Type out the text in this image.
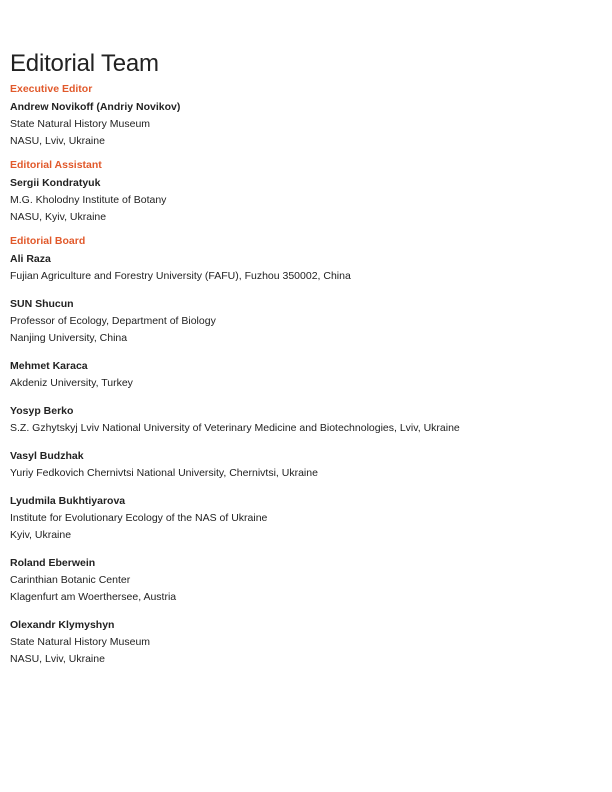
Editorial Team
Executive Editor
Andrew Novikoff (Andriy Novikov)
State Natural History Museum
NASU, Lviv, Ukraine
Editorial Assistant
Sergii Kondratyuk
M.G. Kholodny Institute of Botany
NASU, Kyiv, Ukraine
Editorial Board
Ali Raza
Fujian Agriculture and Forestry University (FAFU), Fuzhou 350002, China
SUN Shucun
Professor of Ecology, Department of Biology
Nanjing University, China
Mehmet Karaca
Akdeniz University, Turkey
Yosyp Berko
S.Z. Gzhytskyj Lviv National University of Veterinary Medicine and Biotechnologies, Lviv, Ukraine
Vasyl Budzhak
Yuriy Fedkovich Chernivtsi National University, Chernivtsi, Ukraine
Lyudmila Bukhtiyarova
Institute for Evolutionary Ecology of the NAS of Ukraine
Kyiv, Ukraine
Roland Eberwein
Carinthian Botanic Center
Klagenfurt am Woerthersee, Austria
Olexandr Klymyshyn
State Natural History Museum
NASU, Lviv, Ukraine
